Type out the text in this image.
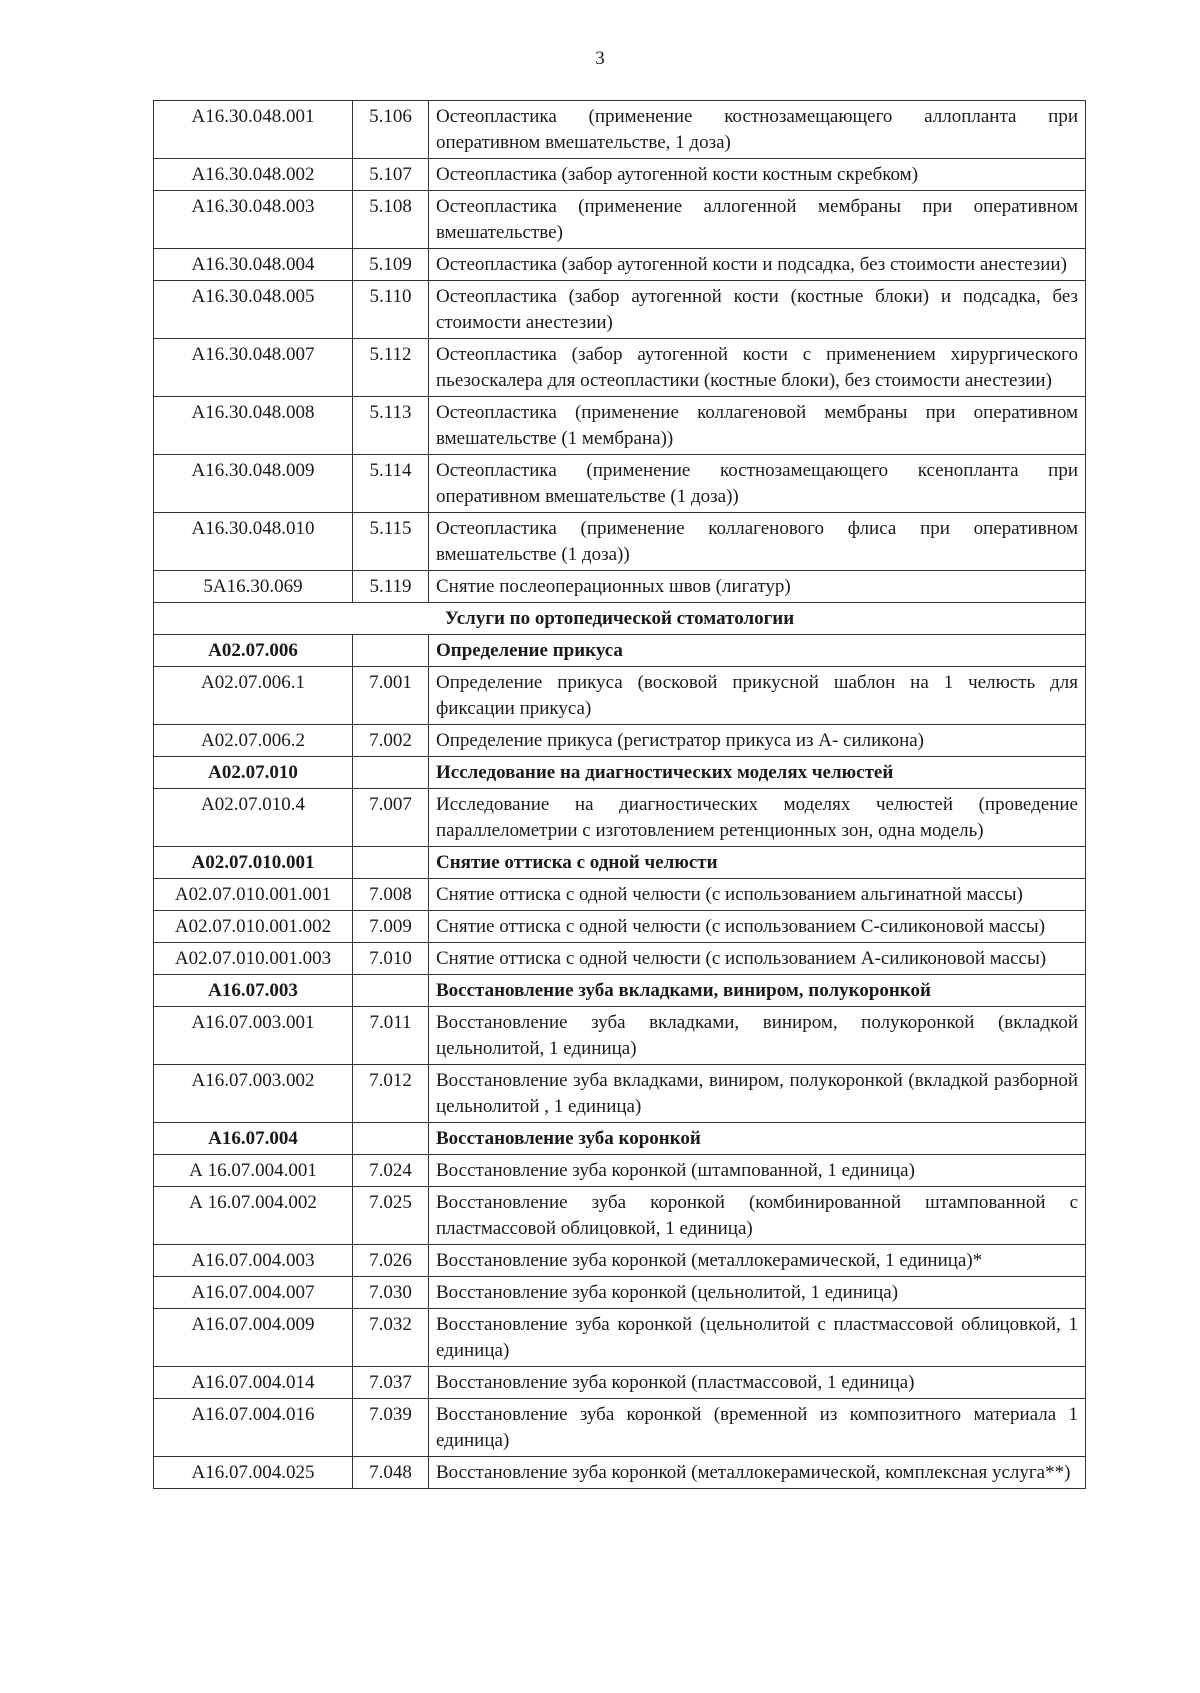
3
A16.30.048.001	5.106	Остеопластика (применение костнозамещающего аллопланта при оперативном вмешательстве, 1 доза)
A16.30.048.002	5.107	Остеопластика (забор аутогенной кости костным скребком)
A16.30.048.003	5.108	Остеопластика (применение аллогенной мембраны при оперативном вмешательстве)
A16.30.048.004	5.109	Остеопластика (забор аутогенной кости и подсадка, без стоимости анестезии)
A16.30.048.005	5.110	Остеопластика (забор аутогенной кости (костные блоки) и подсадка, без стоимости анестезии)
A16.30.048.007	5.112	Остеопластика (забор аутогенной кости с применением хирургического пьезоскалера для остеопластики (костные блоки), без стоимости анестезии)
A16.30.048.008	5.113	Остеопластика (применение коллагеновой мембраны при оперативном вмешательстве (1 мембрана))
A16.30.048.009	5.114	Остеопластика (применение костнозамещающего ксенопланта при оперативном вмешательстве (1 доза))
A16.30.048.010	5.115	Остеопластика (применение коллагенового флиса при оперативном вмешательстве (1 доза))
5A16.30.069	5.119	Снятие послеоперационных швов (лигатур)
Услуги по ортопедической стоматологии		
A02.07.006		Определение прикуса
A02.07.006.1	7.001	Определение прикуса (восковой прикусной шаблон на 1 челюсть для фиксации прикуса)
A02.07.006.2	7.002	Определение прикуса (регистратор прикуса из А- силикона)
A02.07.010		Исследование на диагностических моделях челюстей
A02.07.010.4	7.007	Исследование на диагностических моделях челюстей (проведение параллелометрии с изготовлением ретенционных зон, одна модель)
A02.07.010.001		Снятие оттиска с одной челюсти
A02.07.010.001.001	7.008	Снятие оттиска с одной челюсти (с использованием альгинатной массы)
A02.07.010.001.002	7.009	Снятие оттиска с одной челюсти (с использованием С-силиконовой массы)
A02.07.010.001.003	7.010	Снятие оттиска с одной челюсти (с использованием А-силиконовой массы)
A16.07.003		Восстановление зуба вкладками, виниром, полукоронкой
A16.07.003.001	7.011	Восстановление зуба вкладками, виниром, полукоронкой (вкладкой цельнолитой, 1 единица)
A16.07.003.002	7.012	Восстановление зуба вкладками, виниром, полукоронкой (вкладкой разборной цельнолитой , 1 единица)
A16.07.004		Восстановление зуба коронкой
А 16.07.004.001	7.024	Восстановление зуба коронкой (штампованной, 1 единица)
А 16.07.004.002	7.025	Восстановление зуба коронкой (комбинированной штампованной с пластмассовой облицовкой, 1 единица)
A16.07.004.003	7.026	Восстановление зуба коронкой (металлокерамической, 1 единица)*
A16.07.004.007	7.030	Восстановление зуба коронкой (цельнолитой, 1 единица)
A16.07.004.009	7.032	Восстановление зуба коронкой (цельнолитой с пластмассовой облицовкой, 1 единица)
A16.07.004.014	7.037	Восстановление зуба коронкой (пластмассовой, 1 единица)
A16.07.004.016	7.039	Восстановление зуба коронкой (временной из композитного материала 1 единица)
A16.07.004.025	7.048	Восстановление зуба коронкой (металлокерамической, комплексная услуга**)
